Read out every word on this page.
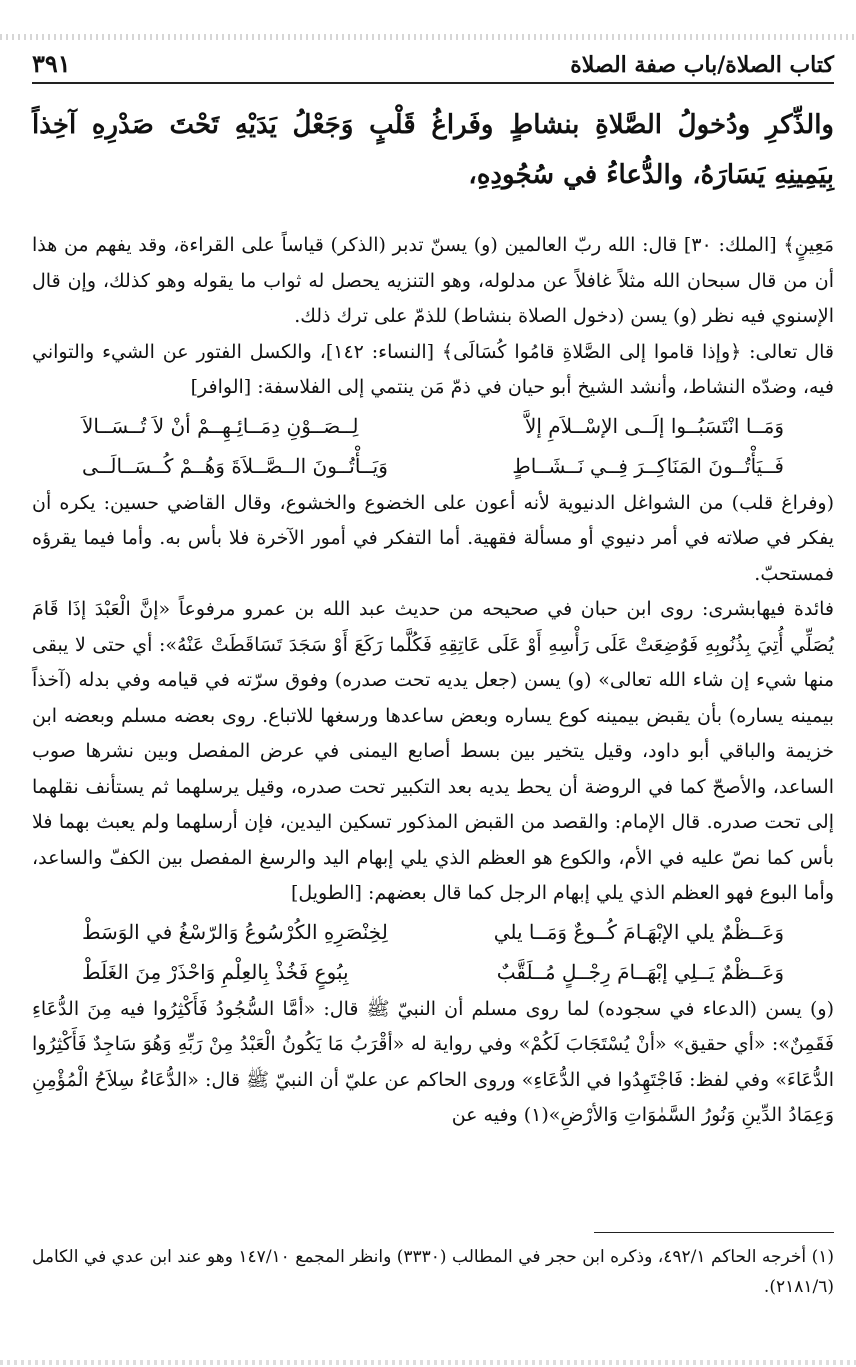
كتاب الصلاة/باب صفة الصلاة
٣٩١
والذِّكرِ ودُخولُ الصَّلاةِ بنشاطٍ وفَراغُ قَلْبٍ وَجَعْلُ يَدَيْهِ تَحْتَ صَدْرِهِ آخِذاً بِيَمِينِهِ يَسَارَهُ، والدُّعاءُ في سُجُودِهِ،

مَعِينٍ﴾ [الملك: ٣٠] قال: الله ربّ العالمين (و) يسنّ تدبر (الذكر) قياساً على القراءة، وقد يفهم من هذا أن من قال سبحان الله مثلاً غافلاً عن مدلوله، وهو التنزيه يحصل له ثواب ما يقوله وهو كذلك، وإن قال الإسنوي فيه نظر (و) يسن (دخول الصلاة بنشاط) للذمّ على ترك ذلك.

قال تعالى: ﴿وإذا قاموا إلى الصَّلاةِ قامُوا كُسَالَى﴾ [النساء: ١٤٢]، والكسل الفتور عن الشيء والتواني فيه، وضدّه النشاط، وأنشد الشيخ أبو حيان في ذمّ مَن ينتمي إلى الفلاسفة: [الوافر]

وَمَــا انْتَسَبُــوا إلَــى الإسْــلاَمِ إلاَّ
لِــصَــوْنِ دِمَــائِـهِــمْ أنْ لاَ تُــسَــالاَ
فَــيَأْتُــونَ المَنَاكِــرَ فِــي نَــشَــاطٍ
وَيَــأْتُــونَ الــصَّــلاَةَ وَهُــمْ كُــسَــالَــى

(وفراغ قلب) من الشواغل الدنيوية لأنه أعون على الخضوع والخشوع، وقال القاضي حسين: يكره أن يفكر في صلاته في أمر دنيوي أو مسألة فقهية. أما التفكر في أمور الآخرة فلا بأس به. وأما فيما يقرؤه فمستحبّ.

فائدة فيهابشرى: روى ابن حبان في صحيحه من حديث عبد الله بن عمرو مرفوعاً «إنَّ الْعَبْدَ إذَا قَامَ يُصَلِّي أُتِيَ بِذُنُوبِهِ فَوُضِعَتْ عَلَى رَأْسِهِ أَوْ عَلَى عَاتِقِهِ فَكُلَّما رَكَعَ أَوْ سَجَدَ تَسَاقَطَتْ عَنْهُ»: أي حتى لا يبقى منها شيء إن شاء الله تعالى» (و) يسن (جعل يديه تحت صدره) وفوق سرّته في قيامه وفي بدله (آخذاً بيمينه يساره) بأن يقبض بيمينه كوع يساره وبعض ساعدها ورسغها للاتباع. روى بعضه مسلم وبعضه ابن خزيمة والباقي أبو داود، وقيل يتخير بين بسط أصابع اليمنى في عرض المفصل وبين نشرها صوب الساعد، والأصحّ كما في الروضة أن يحط يديه بعد التكبير تحت صدره، وقيل يرسلهما ثم يستأنف نقلهما إلى تحت صدره. قال الإمام: والقصد من القبض المذكور تسكين اليدين، فإن أرسلهما ولم يعبث بهما فلا بأس كما نصّ عليه في الأم، والكوع هو العظم الذي يلي إبهام اليد والرسغ المفصل بين الكفّ والساعد، وأما البوع فهو العظم الذي يلي إبهام الرجل كما قال بعضهم: [الطويل]

وَعَــظْمٌ يلي الإبْهَـامَ كُــوعٌ وَمَــا يلي
لِخِنْصَرِهِ الكُرْسُوعُ وَالرّسْغُ في الوَسَطْ
وَعَــظْمٌ يَــلِي إبْهَــامَ رِجْــلٍ مُــلَقَّبٌ
بِبُوعٍ فَخُذْ بِالعِلْمِ وَاحْذَرْ مِنَ الغَلَطْ

(و) يسن (الدعاء في سجوده) لما روى مسلم أن النبيّ ﷺ قال: «أمَّا السُّجُودُ فَأَكْثِرُوا فيه مِنَ الدُّعَاءِ فَقَمِنٌ»: «أي حقيق» «أنْ يُسْتَجَابَ لَكُمْ» وفي رواية له «أقْرَبُ مَا يَكُونُ الْعَبْدُ مِنْ رَبِّهِ وَهُوَ سَاجِدٌ فَأَكْثِرُوا الدُّعَاءَ» وفي لفظ: فَاجْتَهِدُوا في الدُّعَاءِ» وروى الحاكم عن عليّ أن النبيّ ﷺ قال: «الدُّعَاءُ سِلاَحُ الْمُؤْمِنِ وَعِمَادُ الدِّينِ وَنُورُ السَّمٰوَاتِ وَالأرْضِ»(١) وفيه عن

(١) أخرجه الحاكم ٤٩٢/١، وذكره ابن حجر في المطالب (٣٣٣٠) وانظر المجمع ١٤٧/١٠ وهو عند ابن عدي في الكامل (٢١٨١/٦).
